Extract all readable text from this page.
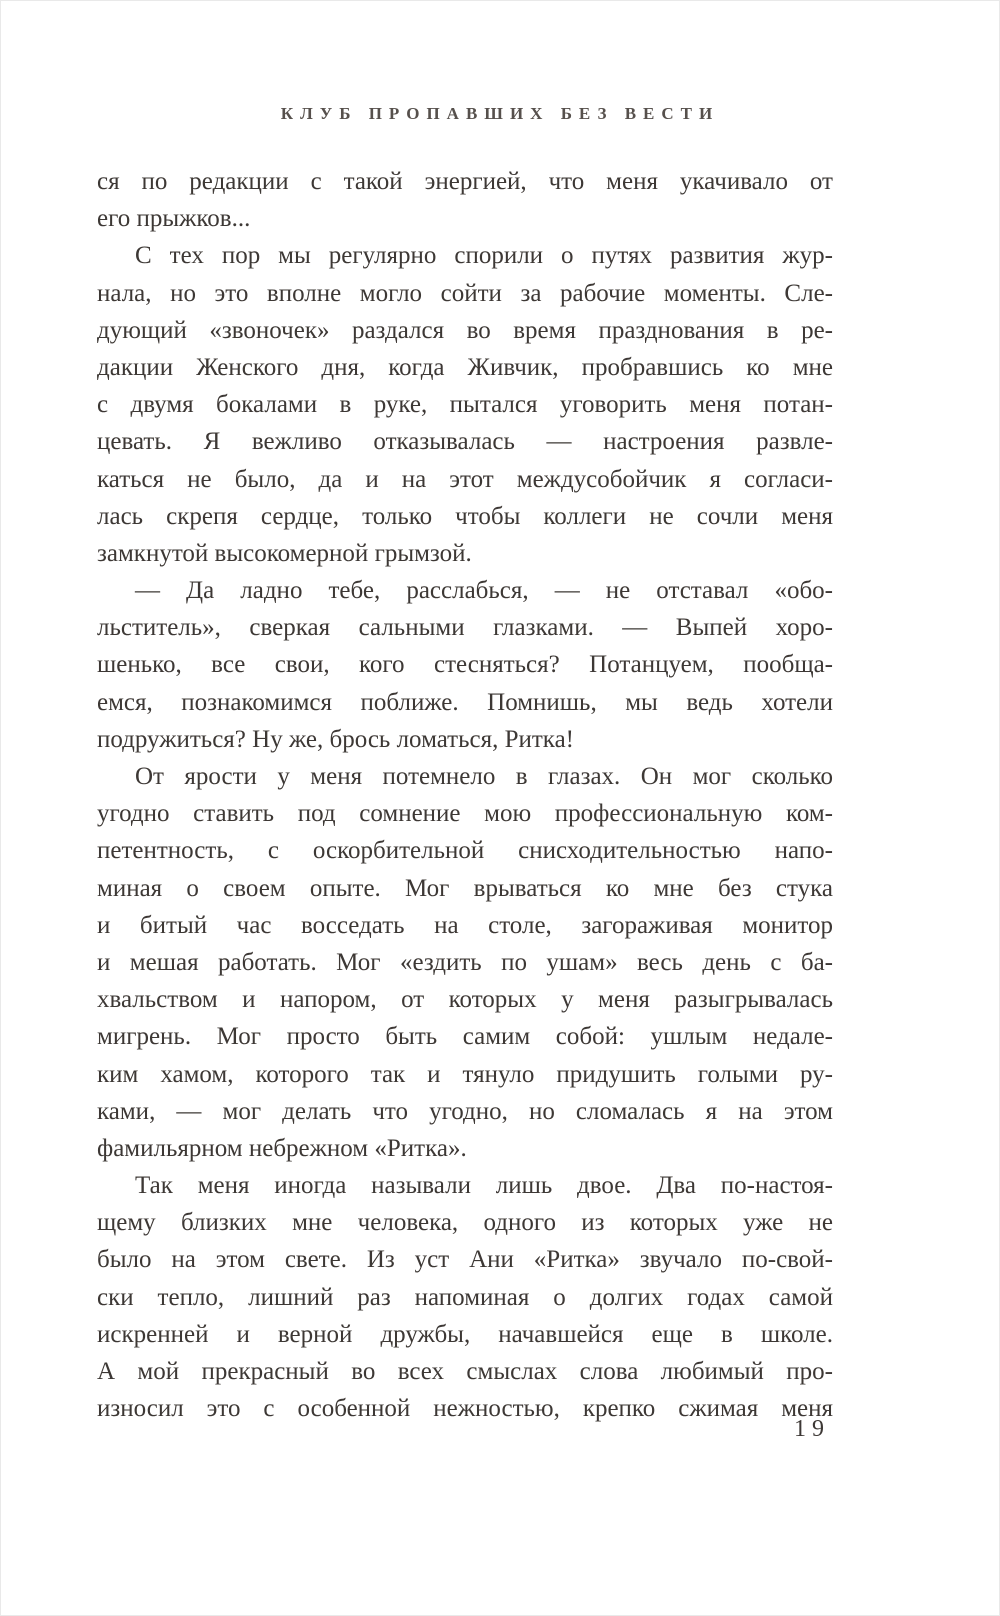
КЛУБ ПРОПАВШИХ БЕЗ ВЕСТИ
ся по редакции с такой энергией, что меня укачивало от
его прыжков...
С тех пор мы регулярно спорили о путях развития жур-
нала, но это вполне могло сойти за рабочие моменты. Сле-
дующий «звоночек» раздался во время празднования в ре-
дакции Женского дня, когда Живчик, пробравшись ко мне
с двумя бокалами в руке, пытался уговорить меня потан-
цевать. Я вежливо отказывалась — настроения развле-
каться не было, да и на этот междусобойчик я согласи-
лась скрепя сердце, только чтобы коллеги не сочли меня
замкнутой высокомерной грымзой.
— Да ладно тебе, расслабься, — не отставал «обо-
льститель», сверкая сальными глазками. — Выпей хоро-
шенько, все свои, кого стесняться? Потанцуем, пообща-
емся, познакомимся поближе. Помнишь, мы ведь хотели
подружиться? Ну же, брось ломаться, Ритка!
От ярости у меня потемнело в глазах. Он мог сколько
угодно ставить под сомнение мою профессиональную ком-
петентность, с оскорбительной снисходительностью напо-
миная о своем опыте. Мог врываться ко мне без стука
и битый час восседать на столе, загораживая монитор
и мешая работать. Мог «ездить по ушам» весь день с ба-
хвальством и напором, от которых у меня разыгрывалась
мигрень. Мог просто быть самим собой: ушлым недале-
ким хамом, которого так и тянуло придушить голыми ру-
ками, — мог делать что угодно, но сломалась я на этом
фамильярном небрежном «Ритка».
Так меня иногда называли лишь двое. Два по-настоя-
щему близких мне человека, одного из которых уже не
было на этом свете. Из уст Ани «Ритка» звучало по-свой-
ски тепло, лишний раз напоминая о долгих годах самой
искренней и верной дружбы, начавшейся еще в школе.
А мой прекрасный во всех смыслах слова любимый про-
износил это с особенной нежностью, крепко сжимая меня
19
